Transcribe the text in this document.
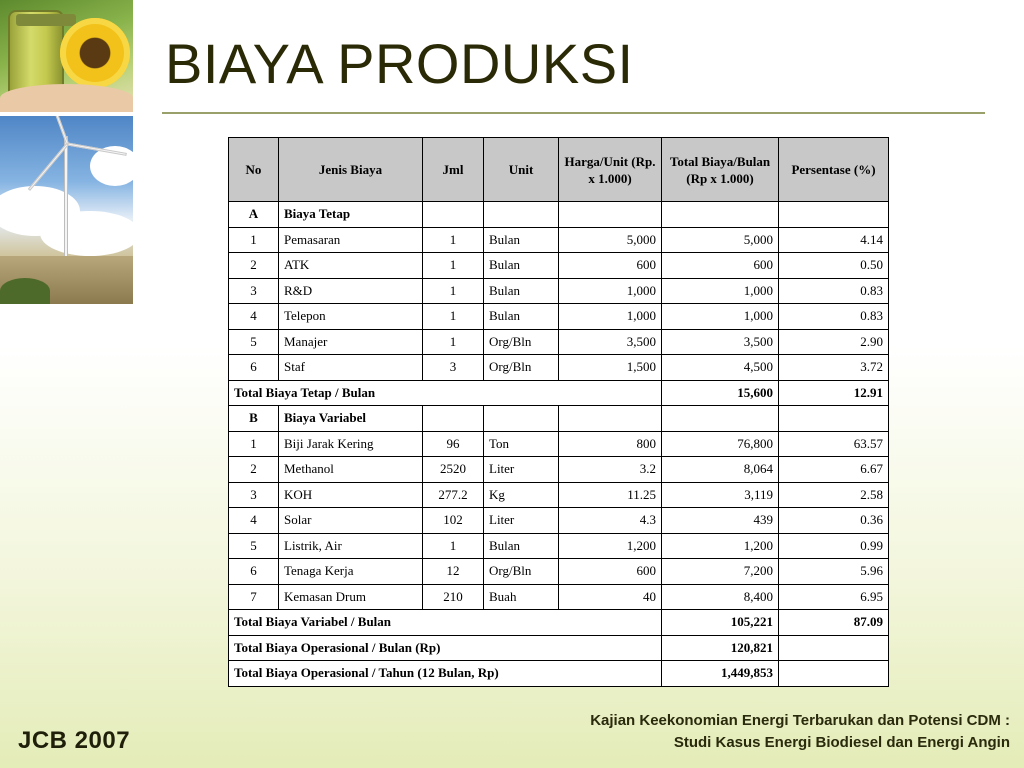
BIAYA PRODUKSI
No	Jenis Biaya	Jml	Unit	Harga/Unit (Rp. x 1.000)	Total Biaya/Bulan (Rp x 1.000)	Persentase (%)
A	Biaya Tetap					
1	Pemasaran	1	Bulan	5,000	5,000	4.14
2	ATK	1	Bulan	600	600	0.50
3	R&D	1	Bulan	1,000	1,000	0.83
4	Telepon	1	Bulan	1,000	1,000	0.83
5	Manajer	1	Org/Bln	3,500	3,500	2.90
6	Staf	3	Org/Bln	1,500	4,500	3.72
Total Biaya Tetap / Bulan					15,600	12.91
B	Biaya Variabel					
1	Biji Jarak Kering	96	Ton	800	76,800	63.57
2	Methanol	2520	Liter	3.2	8,064	6.67
3	KOH	277.2	Kg	11.25	3,119	2.58
4	Solar	102	Liter	4.3	439	0.36
5	Listrik, Air	1	Bulan	1,200	1,200	0.99
6	Tenaga Kerja	12	Org/Bln	600	7,200	5.96
7	Kemasan Drum	210	Buah	40	8,400	6.95
Total Biaya Variabel / Bulan					105,221	87.09
Total Biaya Operasional / Bulan (Rp)					120,821	
Total Biaya Operasional / Tahun (12 Bulan, Rp)					1,449,853	
JCB 2007
Kajian Keekonomian Energi Terbarukan dan Potensi CDM :
Studi Kasus Energi Biodiesel dan Energi Angin
